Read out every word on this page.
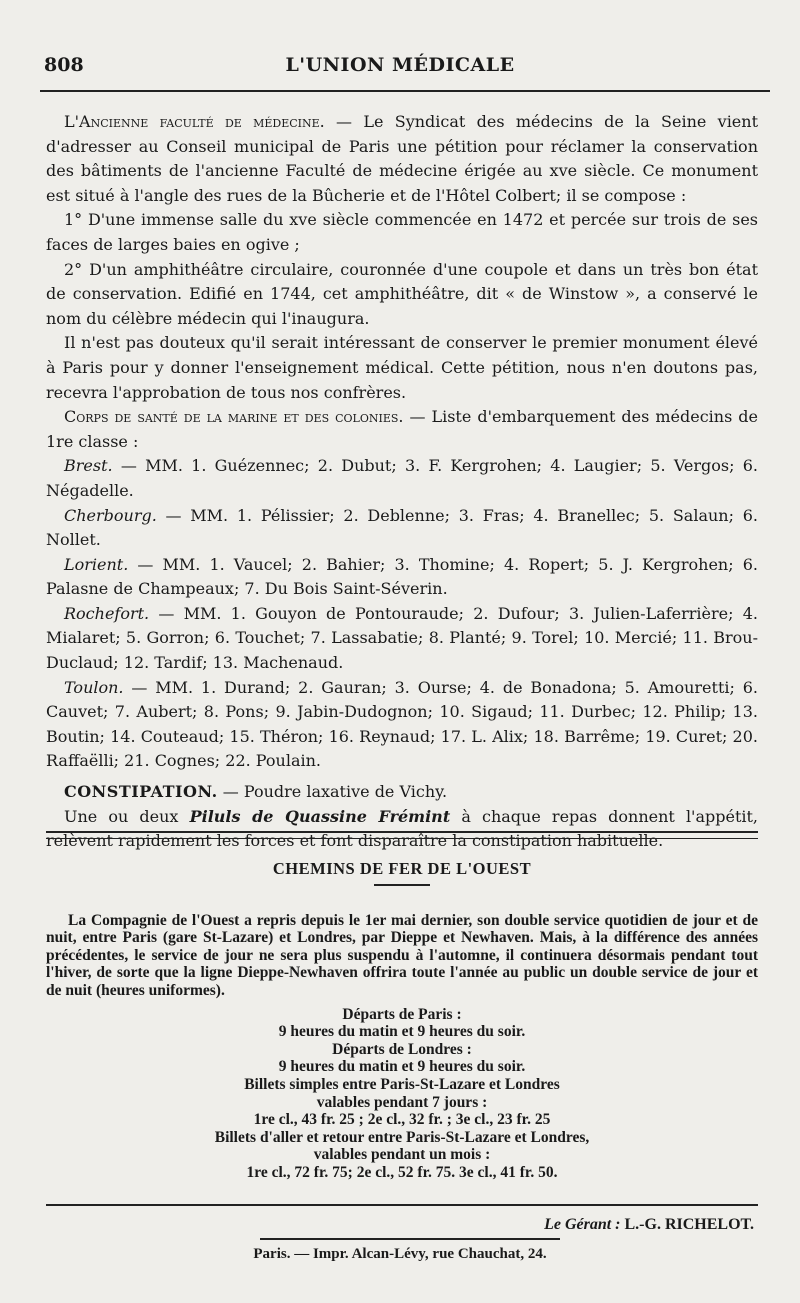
808	L'UNION MÉDICALE

L'Ancienne faculté de médecine. — Le Syndicat des médecins de la Seine vient d'adresser au Conseil municipal de Paris une pétition pour réclamer la conservation des bâtiments de l'ancienne Faculté de médecine érigée au xve siècle. Ce monument est situé à l'angle des rues de la Bûcherie et de l'Hôtel Colbert; il se compose :

1° D'une immense salle du xve siècle commencée en 1472 et percée sur trois de ses faces de larges baies en ogive ;

2° D'un amphithéâtre circulaire, couronnée d'une coupole et dans un très bon état de conservation. Edifié en 1744, cet amphithéâtre, dit « de Winstow », a conservé le nom du célèbre médecin qui l'inaugura.

Il n'est pas douteux qu'il serait intéressant de conserver le premier monument élevé à Paris pour y donner l'enseignement médical. Cette pétition, nous n'en doutons pas, recevra l'approbation de tous nos confrères.

Corps de santé de la marine et des colonies. — Liste d'embarquement des médecins de 1re classe :

Brest. — MM. 1. Guézennec; 2. Dubut; 3. F. Kergrohen; 4. Laugier; 5. Vergos; 6. Négadelle.

Cherbourg. — MM. 1. Pélissier; 2. Deblenne; 3. Fras; 4. Branellec; 5. Salaun; 6. Nollet.

Lorient. — MM. 1. Vaucel; 2. Bahier; 3. Thomine; 4. Ropert; 5. J. Kergrohen; 6. Palasne de Champeaux; 7. Du Bois Saint-Séverin.

Rochefort. — MM. 1. Gouyon de Pontouraude; 2. Dufour; 3. Julien-Laferrière; 4. Mialaret; 5. Gorron; 6. Touchet; 7. Lassabatie; 8. Planté; 9. Torel; 10. Mercié; 11. Brou-Duclaud; 12. Tardif; 13. Machenaud.

Toulon. — MM. 1. Durand; 2. Gauran; 3. Ourse; 4. de Bonadona; 5. Amouretti; 6. Cauvet; 7. Aubert; 8. Pons; 9. Jabin-Dudognon; 10. Sigaud; 11. Durbec; 12. Philip; 13. Boutin; 14. Couteaud; 15. Théron; 16. Reynaud; 17. L. Alix; 18. Barrême; 19. Curet; 20. Raffaëlli; 21. Cognes; 22. Poulain.

CONSTIPATION. — Poudre laxative de Vichy.

Une ou deux Piluls de Quassine Frémint à chaque repas donnent l'appétit, relèvent rapidement les forces et font disparaître la constipation habituelle.

CHEMINS DE FER DE L'OUEST

La Compagnie de l'Ouest a repris depuis le 1er mai dernier, son double service quotidien de jour et de nuit, entre Paris (gare St-Lazare) et Londres, par Dieppe et Newhaven. Mais, à la différence des années précédentes, le service de jour ne sera plus suspendu à l'automne, il continuera désormais pendant tout l'hiver, de sorte que la ligne Dieppe-Newhaven offrira toute l'année au public un double service de jour et de nuit (heures uniformes).

Départs de Paris :

9 heures du matin et 9 heures du soir.

Départs de Londres :

9 heures du matin et 9 heures du soir.

Billets simples entre Paris-St-Lazare et Londres

valables pendant 7 jours :

1re cl., 43 fr. 25 ; 2e cl., 32 fr. ; 3e cl., 23 fr. 25

Billets d'aller et retour entre Paris-St-Lazare et Londres,

valables pendant un mois :

1re cl., 72 fr. 75; 2e cl., 52 fr. 75. 3e cl., 41 fr. 50.

Le Gérant : L.-G. RICHELOT.
Paris. — Impr. Alcan-Lévy, rue Chauchat, 24.
